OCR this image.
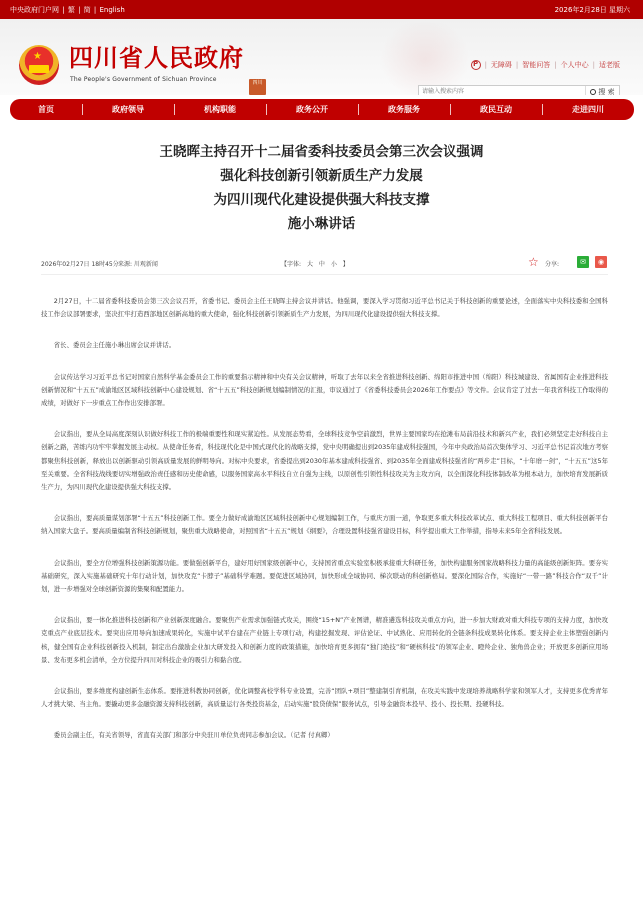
中央政府门户网 | 繁 | 简 | English	2026年2月28日 星期六
★ 四川省人民政府
The People's Government of Sichuan Province	四川
P | 无障碍 | 智能问答 | 个人中心 | 适老版
请输入搜索内容
搜 索
首页	政府领导	机构职能	政务公开	政务服务	政民互动	走进四川
王晓晖主持召开十二届省委科技委员会第三次会议强调
强化科技创新引领新质生产力发展
为四川现代化建设提供强大科技支撑
施小琳讲话
2026年02月27日 18时45分 来源: 川观新闻	【字体: 大 中 小 】	☆ 分享:	✉	◉

2月27日，十二届省委科技委员会第三次会议召开，省委书记、委员会主任王晓晖主持会议并讲话。他强调，要深入学习贯彻习近平总书记关于科技创新的重要论述，全面落实中央科技委和全国科技工作会议部署要求，坚决扛牢打造西部地区创新高地的重大使命，强化科技创新引领新质生产力发展，为四川现代化建设提供强大科技支撑。

省长、委员会主任施小琳出席会议并讲话。

会议传达学习习近平总书记对国家自然科学基金委员会工作的重要指示精神和中央有关会议精神，听取了去年以来全省推进科技创新、绵阳市推进中国（绵阳）科技城建设、省属国有企业推进科技创新情况和“十五五”成渝地区区域科技创新中心建设规划、省“十五五”科技创新规划编制情况的汇报，审议通过了《省委科技委员会2026年工作要点》等文件。会议肯定了过去一年我省科技工作取得的成绩，对做好下一步重点工作作出安排部署。

会议指出，要从全局高度深刻认识做好科技工作的极端重要性和现实紧迫性。从发展态势看，全球科技竞争空前激烈，世界主要国家均在抢滩布局前沿技术和新兴产业，我们必须坚定走好科技自主创新之路，苦练内功牢牢掌握发展主动权。从使命任务看，科技现代化是中国式现代化的战略支撑，党中央明确提出到2035年建成科技强国，今年中央政治局首次集体学习、习近平总书记首次地方考察都聚焦科技创新，释放出以创新驱动引领高质量发展的鲜明导向。对标中央要求，省委提出到2030年基本建成科技强省、到2035年全面建成科技强省的“两步走”目标，“十年磨一剑”，“十五五”这5年至关重要。全省科技战线要切实增强政治责任感和历史使命感，以服务国家高水平科技自立自强为主线，以原创性引领性科技攻关为主攻方向，以全面深化科技体制改革为根本动力，加快培育发展新质生产力，为四川现代化建设提供强大科技支撑。

会议指出，要高质量谋划部署“十五五”科技创新工作。要全力做好成渝地区区域科技创新中心规划编制工作，与重庆方面一道，争取更多重大科技改革试点、重大科技工程项目、重大科技创新平台纳入国家大盘子。要高质量编制省科技创新规划，聚焦重大战略使命，对照国省“十五五”规划《纲要》，合理设置科技强省建设目标，科学提出重大工作举措，指导未来5年全省科技发展。

会议指出，要全方位增强科技创新策源功能。要做强创新平台，建好用好国家级创新中心，支持国省重点实验室积极承接重大科研任务，加快构建服务国家战略科技力量的高能级创新矩阵。要夯实基础研究，深入实施基础研究十年行动计划，加快攻克“卡脖子”基础科学难题。要促进区域协同，加快形成全域协同、梯次联动的科创新格局。要深化国际合作，实施好“一带一路”科技合作“双千”计划，进一步增强对全球创新资源的集聚和配置能力。

会议指出，要一体化推进科技创新和产业创新深度融合。要聚焦产业需求加强链式攻关，围绕“15+N”产业图谱，精准遴选科技攻关重点方向，进一步加大财政对重大科技专项的支持力度，加快攻克重点产业底层技术。要突出应用导向加速成果转化，实施中试平台建在产业链上专项行动，构建挖掘发现、评估论证、中试熟化、应用转化的全链条科技成果转化体系。要支持企业主体塑强创新内核，健全国有企业科技创新投入机制，制定出台激励企业加大研发投入和创新力度的政策措施，加快培育更多拥有“独门绝技”和“硬核科技”的领军企业、瞪羚企业、独角兽企业；开放更多创新应用场景、发布更多机会清单，全方位提升四川对科技企业的吸引力和黏合度。

会议指出，要多维度构建创新生态体系。要推进科教协同创新，优化调整高校学科专业设置，完善“团队+项目”整建制引育机制，在攻关实践中发现培养战略科学家和领军人才，支持更多优秀青年人才挑大梁、当主角。要撬动更多金融资源支持科技创新，高质量运行各类投资基金，启动实施“股贷债保”服务试点，引导金融资本投早、投小、投长期、投硬科技。

委员会副主任，有关省领导，省直有关部门和部分中央驻川单位负责同志参加会议。（记者 付真卿）
